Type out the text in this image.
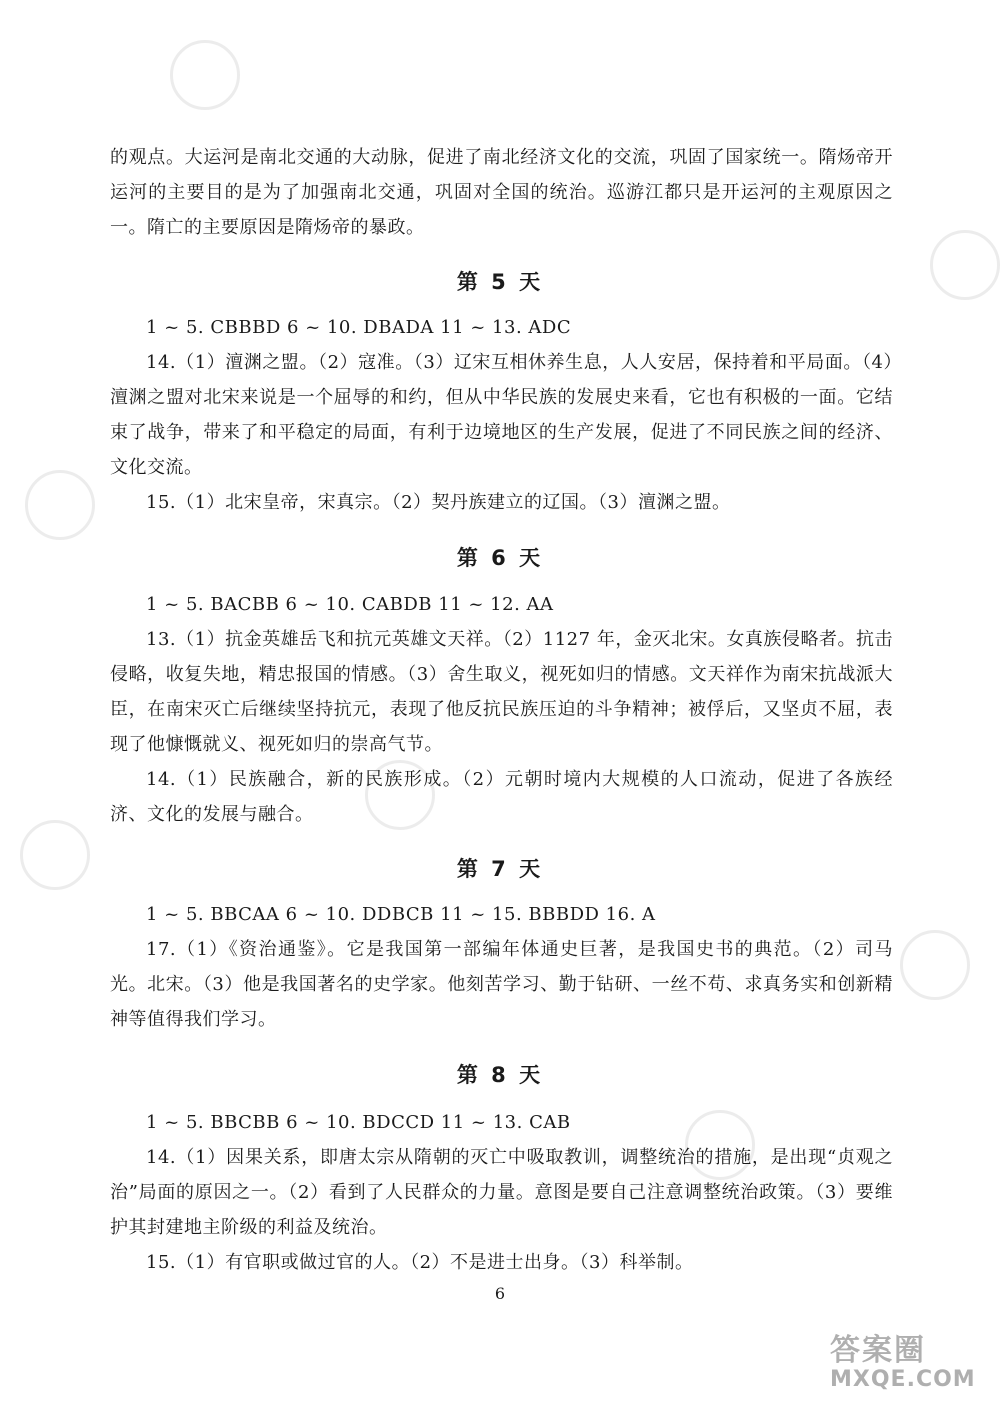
的观点。大运河是南北交通的大动脉，促进了南北经济文化的交流，巩固了国家统一。隋炀帝开运河的主要目的是为了加强南北交通，巩固对全国的统治。巡游江都只是开运河的主观原因之一。隋亡的主要原因是隋炀帝的暴政。

第 5 天

1 ~ 5. CBBBD 6 ~ 10. DBADA 11 ~ 13. ADC

14.（1）澶渊之盟。（2）寇准。（3）辽宋互相休养生息，人人安居，保持着和平局面。（4）澶渊之盟对北宋来说是一个屈辱的和约，但从中华民族的发展史来看，它也有积极的一面。它结束了战争，带来了和平稳定的局面，有利于边境地区的生产发展，促进了不同民族之间的经济、文化交流。

15.（1）北宋皇帝，宋真宗。（2）契丹族建立的辽国。（3）澶渊之盟。

第 6 天

1 ~ 5. BACBB 6 ~ 10. CABDB 11 ~ 12. AA

13.（1）抗金英雄岳飞和抗元英雄文天祥。（2）1127 年，金灭北宋。女真族侵略者。抗击侵略，收复失地，精忠报国的情感。（3）舍生取义，视死如归的情感。文天祥作为南宋抗战派大臣，在南宋灭亡后继续坚持抗元，表现了他反抗民族压迫的斗争精神；被俘后，又坚贞不屈，表现了他慷慨就义、视死如归的崇高气节。

14.（1）民族融合，新的民族形成。（2）元朝时境内大规模的人口流动，促进了各族经济、文化的发展与融合。

第 7 天

1 ~ 5. BBCAA 6 ~ 10. DDBCB 11 ~ 15. BBBDD 16. A

17.（1）《资治通鉴》。它是我国第一部编年体通史巨著，是我国史书的典范。（2）司马光。北宋。（3）他是我国著名的史学家。他刻苦学习、勤于钻研、一丝不苟、求真务实和创新精神等值得我们学习。

第 8 天

1 ~ 5. BBCBB 6 ~ 10. BDCCD 11 ~ 13. CAB

14.（1）因果关系，即唐太宗从隋朝的灭亡中吸取教训，调整统治的措施，是出现“贞观之治”局面的原因之一。（2）看到了人民群众的力量。意图是要自己注意调整统治政策。（3）要维护其封建地主阶级的利益及统治。

15.（1）有官职或做过官的人。（2）不是进士出身。（3）科举制。

6
答案圈
MXQE.COM
